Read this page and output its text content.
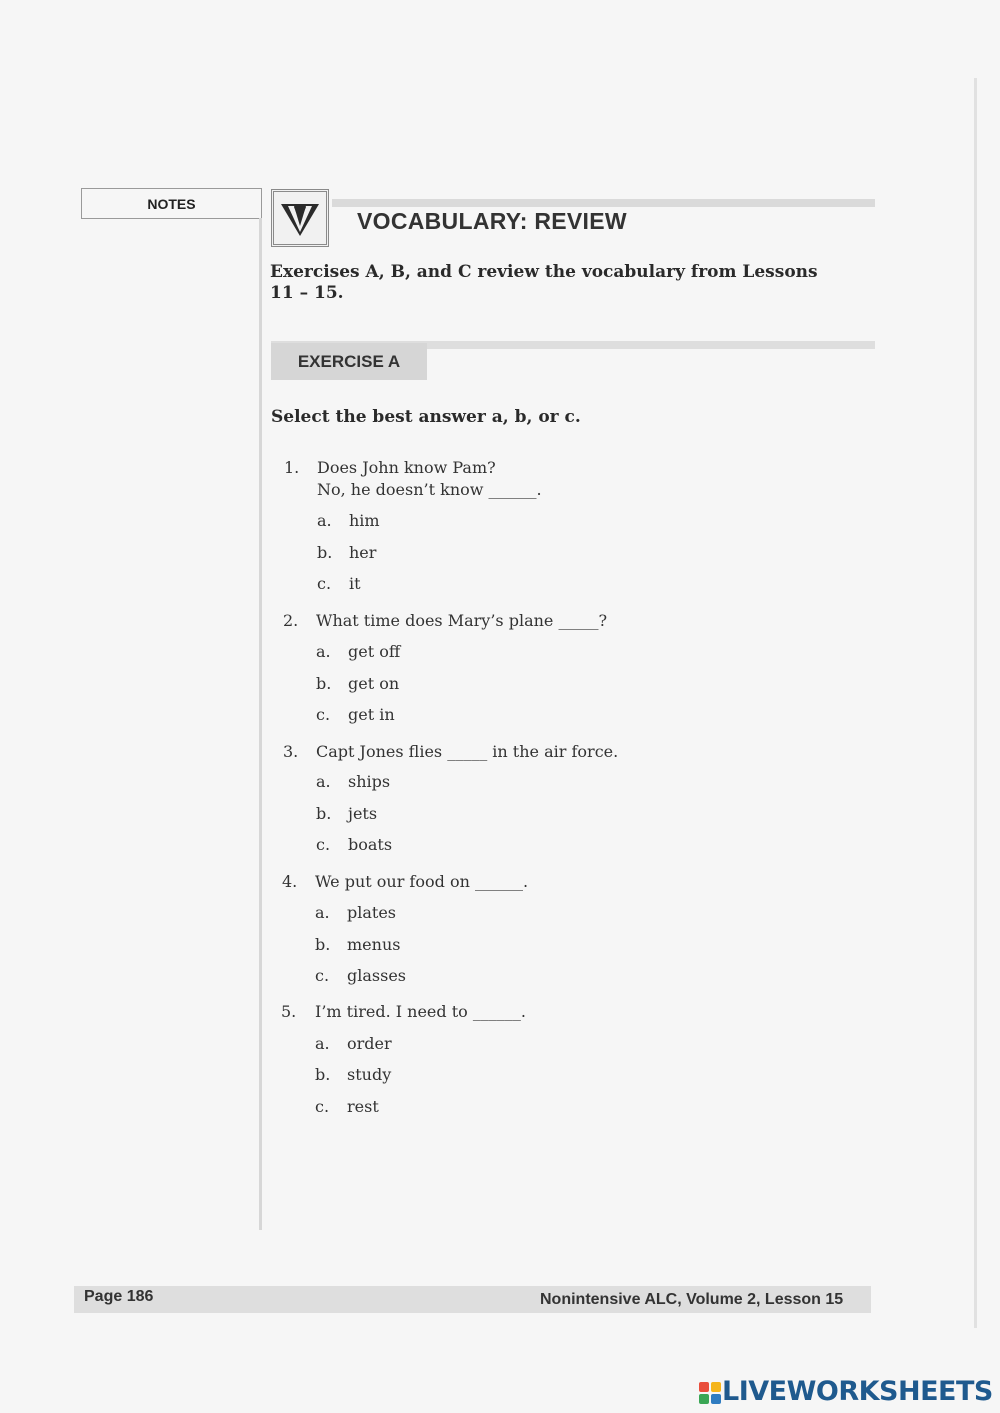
NOTES
VOCABULARY: REVIEW
Exercises A, B, and C review the vocabulary from Lessons 11 – 15.
EXERCISE A
Select the best answer a, b, or c.
1. Does John know Pam?
No, he doesn’t know ______.
a. him
b. her
c. it
2. What time does Mary’s plane _____?
a. get off
b. get on
c. get in
3. Capt Jones flies _____ in the air force.
a. ships
b. jets
c. boats
4. We put our food on ______.
a. plates
b. menus
c. glasses
5. I’m tired. I need to ______.
a. order
b. study
c. rest
Page 186	Nonintensive ALC, Volume 2, Lesson 15
LIVEWORKSHEETS
